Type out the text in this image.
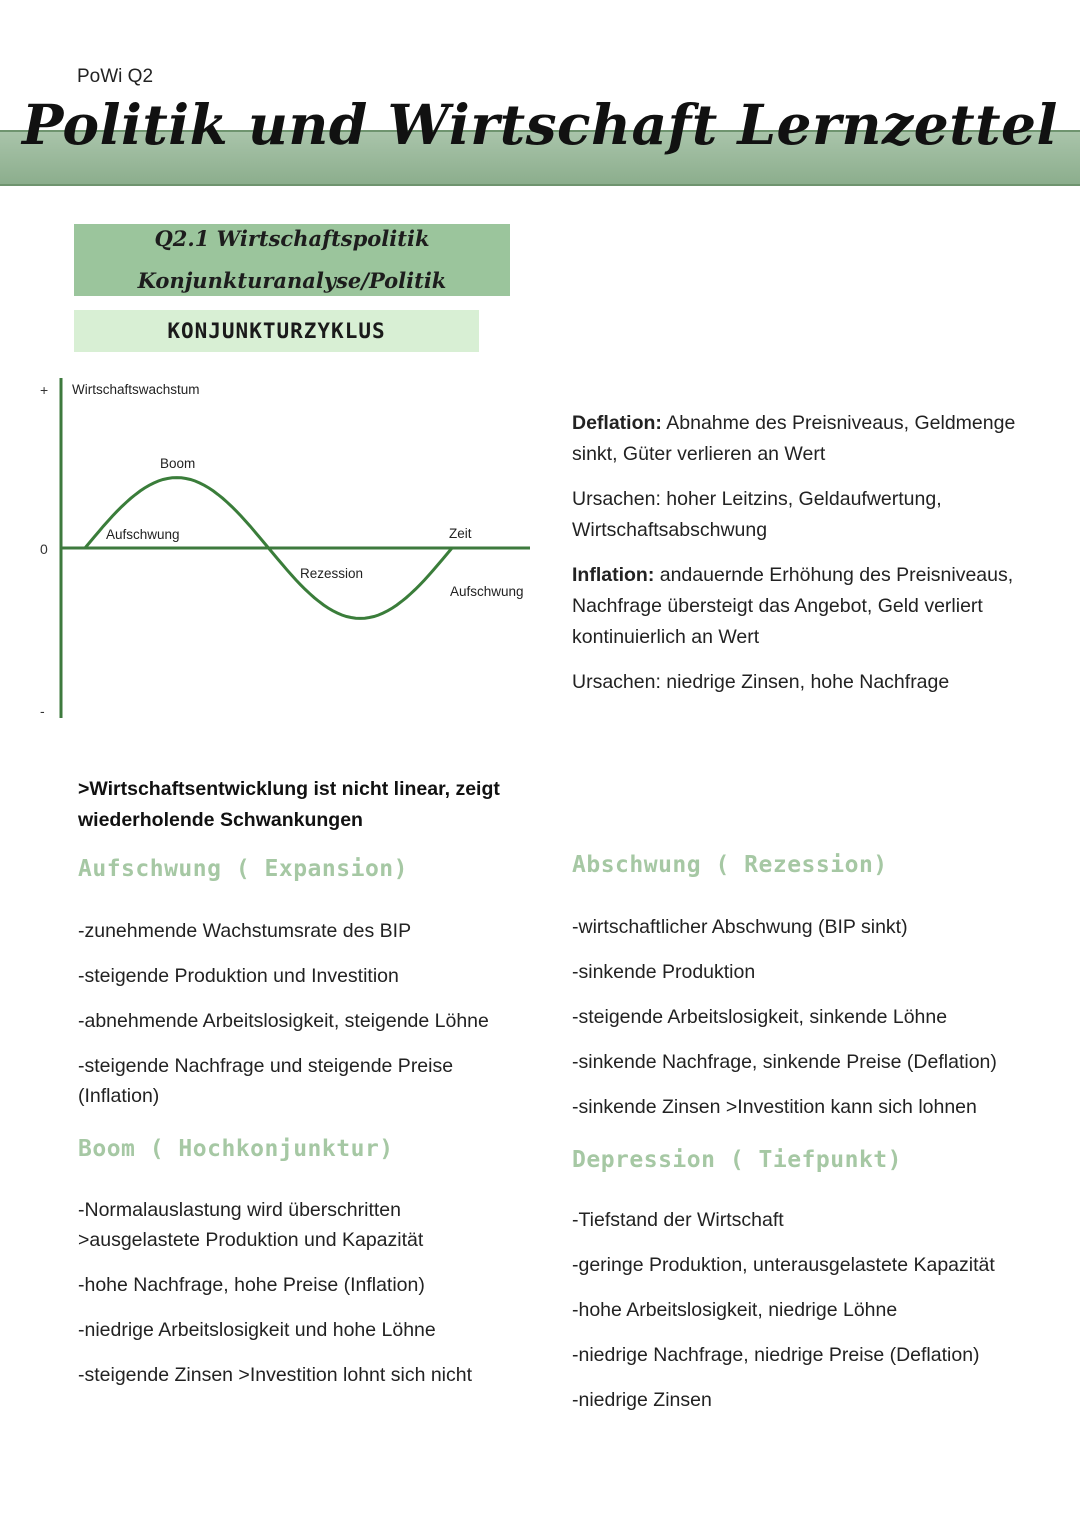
PoWi Q2
Politik und Wirtschaft Lernzettel
Q2.1 Wirtschaftspolitik
Konjunkturanalyse/Politik
KONJUNKTURZYKLUS
+
0
-
Wirtschaftswachstum
Zeit
Boom
Aufschwung
Rezession
Aufschwung

Deflation: Abnahme des Preisniveaus, Geldmenge sinkt, Güter verlieren an Wert

Ursachen: hoher Leitzins, Geldaufwertung, Wirtschaftsabschwung

Inflation: andauernde Erhöhung des Preisniveaus, Nachfrage übersteigt das Angebot, Geld verliert kontinuierlich an Wert

Ursachen: niedrige Zinsen, hohe Nachfrage

>Wirtschaftsentwicklung ist nicht linear, zeigt wiederholende Schwankungen
Aufschwung ( Expansion)
-zunehmende Wachstumsrate des BIP
-steigende Produktion und Investition
-abnehmende Arbeitslosigkeit, steigende Löhne
-steigende Nachfrage und steigende Preise (Inflation)
Boom ( Hochkonjunktur)
-Normalauslastung wird überschritten >ausgelastete Produktion und Kapazität
-hohe Nachfrage, hohe Preise (Inflation)
-niedrige Arbeitslosigkeit und hohe Löhne
-steigende Zinsen >Investition lohnt sich nicht
Abschwung ( Rezession)
-wirtschaftlicher Abschwung (BIP sinkt)
-sinkende Produktion
-steigende Arbeitslosigkeit, sinkende Löhne
-sinkende Nachfrage, sinkende Preise (Deflation)
-sinkende Zinsen >Investition kann sich lohnen
Depression ( Tiefpunkt)
-Tiefstand der Wirtschaft
-geringe Produktion, unterausgelastete Kapazität
-hohe Arbeitslosigkeit, niedrige Löhne
-niedrige Nachfrage, niedrige Preise (Deflation)
-niedrige Zinsen
